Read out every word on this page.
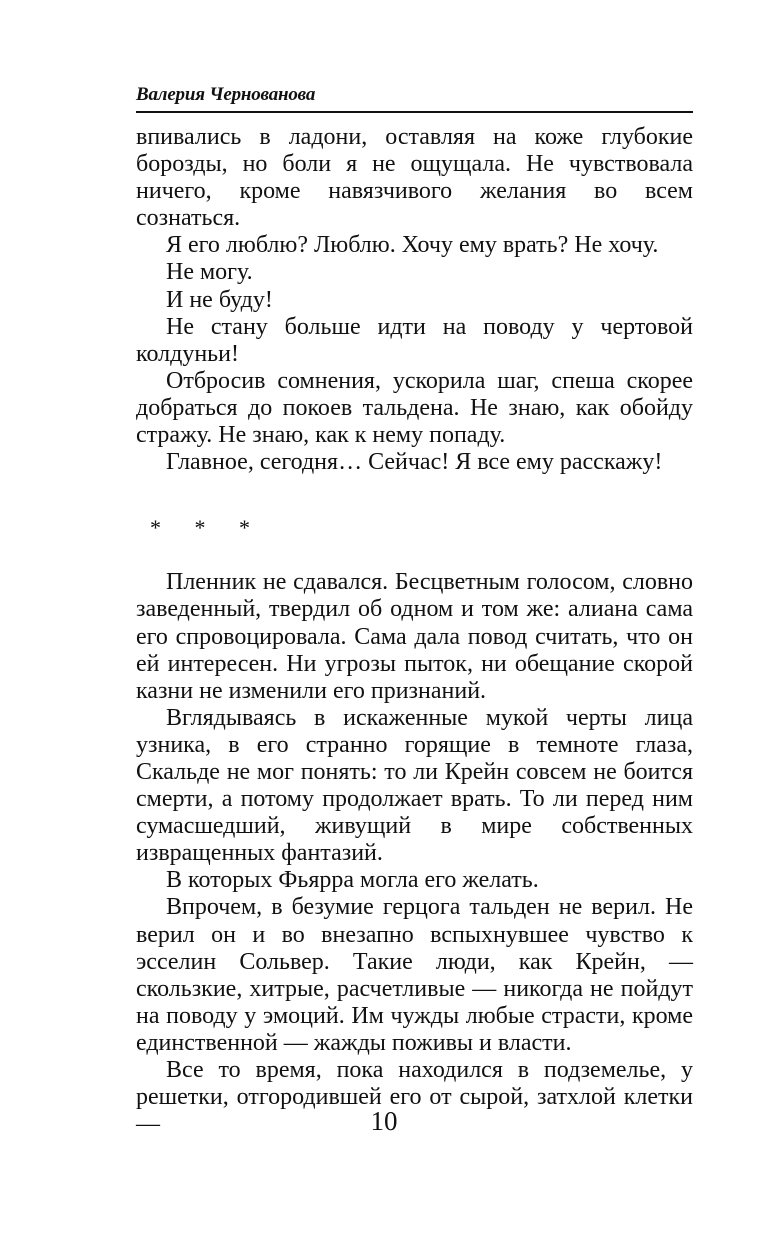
Валерия Чернованова

впивались в ладони, оставляя на коже глубокие борозды, но боли я не ощущала. Не чувствовала ничего, кроме навязчивого желания во всем сознаться.

Я его люблю? Люблю. Хочу ему врать? Не хочу.

Не могу.

И не буду!

Не стану больше идти на поводу у чертовой колдуньи!

Отбросив сомнения, ускорила шаг, спеша скорее добраться до покоев тальдена. Не знаю, как обойду стражу. Не знаю, как к нему попаду.

Главное, сегодня… Сейчас! Я все ему расскажу!

* * *

Пленник не сдавался. Бесцветным голосом, словно заведенный, твердил об одном и том же: алиана сама его спровоцировала. Сама дала повод считать, что он ей интересен. Ни угрозы пыток, ни обещание скорой казни не изменили его признаний.

Вглядываясь в искаженные мукой черты лица узника, в его странно горящие в темноте глаза, Скальде не мог понять: то ли Крейн совсем не боится смерти, а потому продолжает врать. То ли перед ним сумасшедший, живущий в мире собственных извращенных фантазий.

В которых Фьярра могла его желать.

Впрочем, в безумие герцога тальден не верил. Не верил он и во внезапно вспыхнувшее чувство к эсселин Сольвер. Такие люди, как Крейн, — скользкие, хитрые, расчетливые — никогда не пойдут на поводу у эмоций. Им чужды любые страсти, кроме единственной — жажды поживы и власти.

Все то время, пока находился в подземелье, у решетки, отгородившей его от сырой, затхлой клетки —	10
